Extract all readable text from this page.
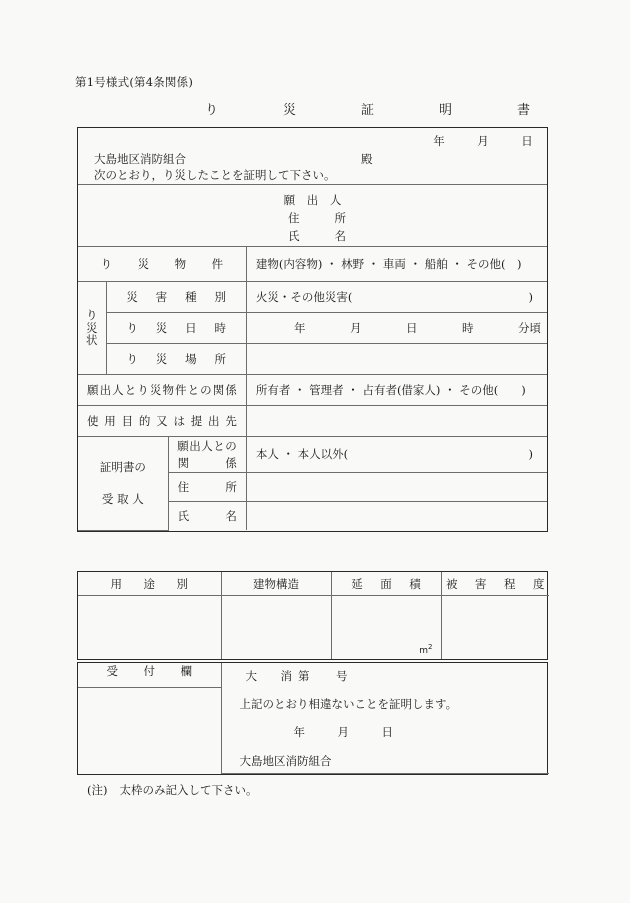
第1号様式(第4条関係)
り　　災　　証　　明　　書
年 月 日
大島地区消防組合 殿
次のとおり，り災したことを証明して下さい。			

願 出 人
住　　所
氏　　名			

り　災　物　件			建物(内容物) ・ 林野 ・ 車両 ・ 船舶 ・ その他(　)

り
災
状	災　害　種　別		火災・その他災害( )

	り　災　日　時		年 月 日 時 分頃

	り　災　場　所		

願出人とり災物件との関係			所有者 ・ 管理者 ・ 占有者(借家人) ・ その他(　　)

使用目的又は提出先			

証明書の
受 取 人

願出人との
関　　　係

本人 ・ 本人以外(	)

		住　　　所	

		氏　　　名	

用　途　別	建物構造	延　面　積	被　害　程　度

		$m^2$

受　付　欄	大　消第 号
上記のとおり相違ないことを証明します。
年	月	日
大島地区消防組合

(注) 太枠のみ記入して下さい。
